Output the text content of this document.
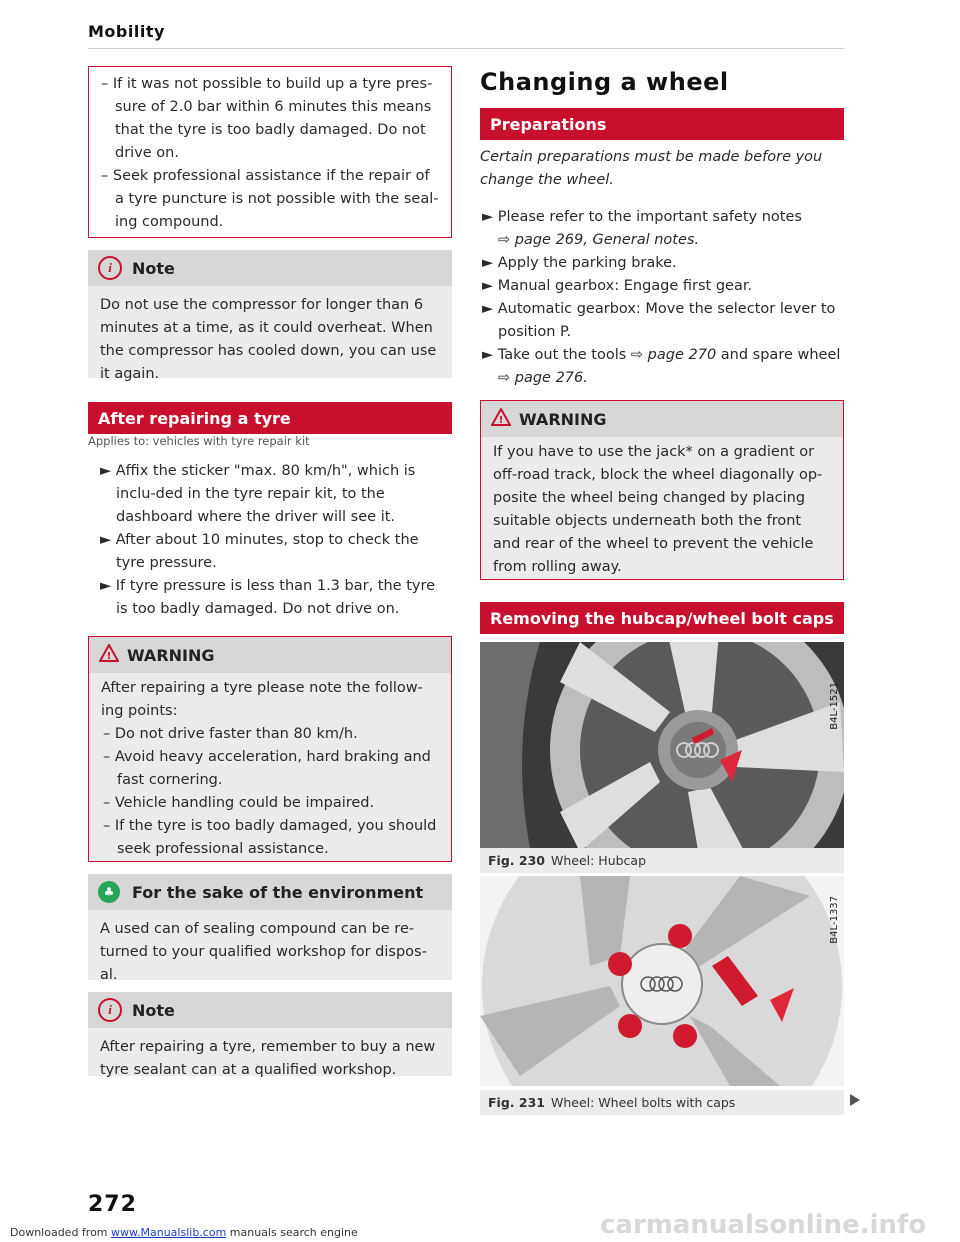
Mobility

– If it was not possible to build up a tyre pres-sure of 2.0 bar within 6 minutes this means that the tyre is too badly damaged. Do not drive on.

– Seek professional assistance if the repair of a tyre puncture is not possible with the seal-ing compound.

i	Note
Do not use the compressor for longer than 6 minutes at a time, as it could overheat. When the compressor has cooled down, you can use it again.
After repairing a tyre
Applies to: vehicles with tyre repair kit

► Affix the sticker "max. 80 km/h", which is inclu-ded in the tyre repair kit, to the dashboard where the driver will see it.

► After about 10 minutes, stop to check the tyre pressure.

► If tyre pressure is less than 1.3 bar, the tyre is too badly damaged. Do not drive on.

! WARNING

After repairing a tyre please note the follow-ing points:

– Do not drive faster than 80 km/h.

– Avoid heavy acceleration, hard braking and fast cornering.

– Vehicle handling could be impaired.

– If the tyre is too badly damaged, you should seek professional assistance.

♣	For the sake of the environment
A used can of sealing compound can be re-turned to your qualified workshop for dispos-al.
i	Note
After repairing a tyre, remember to buy a new tyre sealant can at a qualified workshop.
272
Changing a wheel
Preparations
Certain preparations must be made before you change the wheel.

► Please refer to the important safety notes
⇨ page 269, General notes.

► Apply the parking brake.

► Manual gearbox: Engage first gear.

► Automatic gearbox: Move the selector lever to position P.

► Take out the tools ⇨ page 270 and spare wheel
⇨ page 276.

! WARNING
If you have to use the jack* on a gradient or off-road track, block the wheel diagonally op-posite the wheel being changed by placing suitable objects underneath both the front and rear of the wheel to prevent the vehicle from rolling away.
Removing the hubcap/wheel bolt caps
B4L-1521
Fig. 230 Wheel: Hubcap
B4L-1337
Fig. 231 Wheel: Wheel bolts with caps
Downloaded from www.Manualslib.com manuals search engine	carmanualsonline.info
